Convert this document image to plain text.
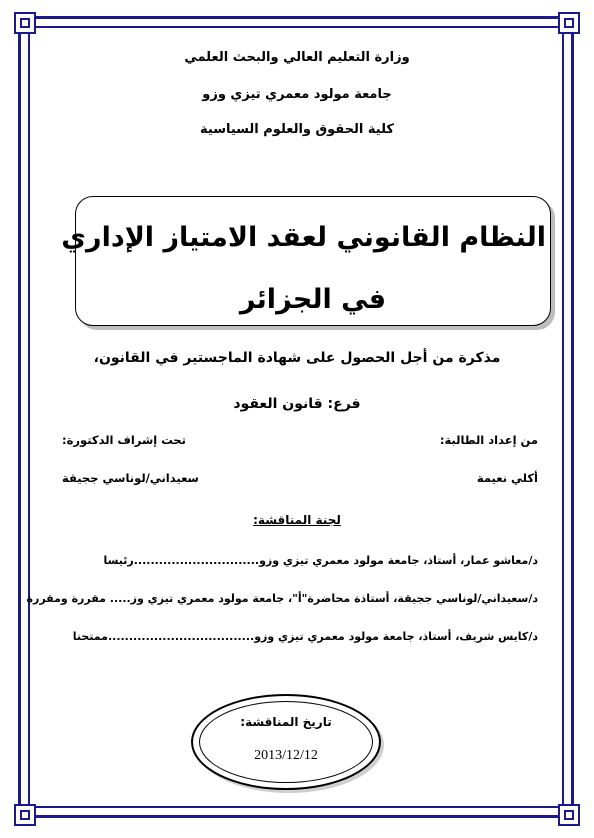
وزارة التعليم العالي والبحث العلمي
جامعة مولود معمري تيزي وزو
كلية الحقوق والعلوم السياسية
النظام القانوني لعقد الامتياز الإداري
في الجزائر
مذكرة من أجل الحصول على شهادة الماجستير في القانون،
فرع: قانون العقود
من إعداد الطالبة:
تحت إشراف الدكتورة:
أكلي نعيمة
سعيداني/لوناسي ججيقة
لجنة المناقشة:
د/معاشو عمار، أستاذ، جامعة مولود معمري تيزي وزو..............................رئيسا
د/سعيداني/لوناسي ججيقة، أستاذة محاضرة"أ"، جامعة مولود معمري تيزي وز..... مقررة ومقررة
د/كايس شريف، أستاذ، جامعة مولود معمري تيزي وزو...................................ممتحنا
تاريخ المناقشة:
2013/12/12
